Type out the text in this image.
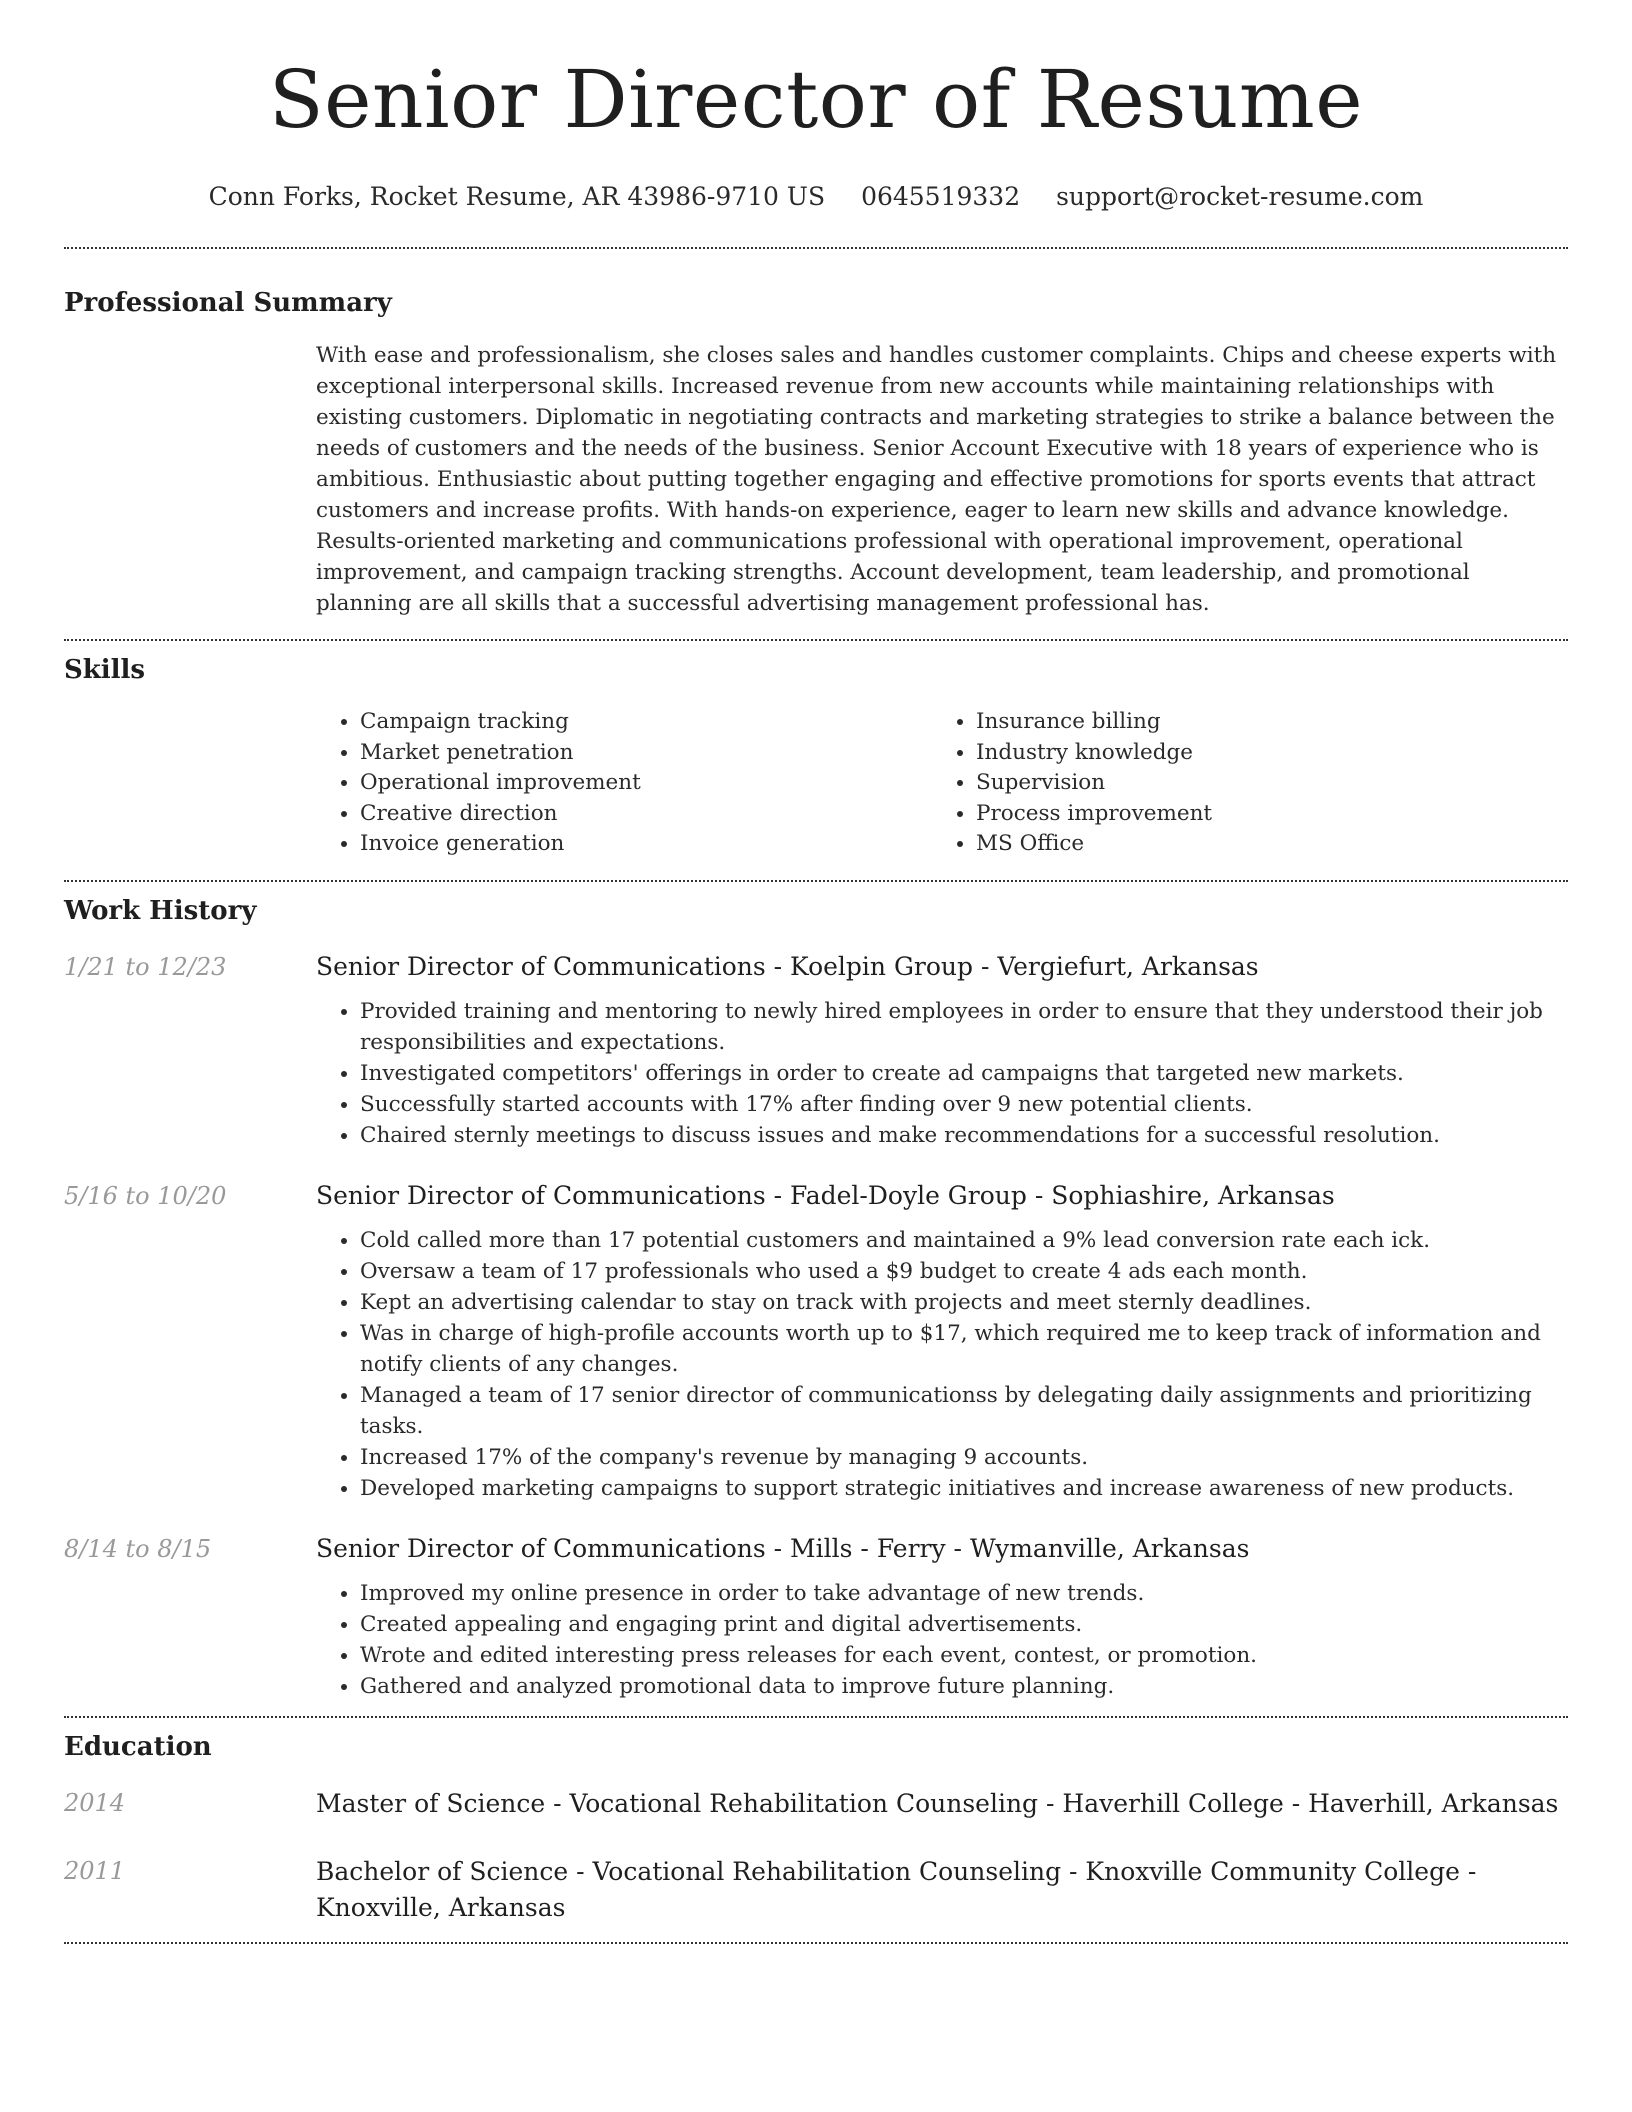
Senior Director of Resume
Conn Forks, Rocket Resume, AR 43986-9710 US 0645519332 support@rocket-resume.com
Professional Summary

With ease and professionalism, she closes sales and handles customer complaints. Chips and cheese experts with exceptional interpersonal skills. Increased revenue from new accounts while maintaining relationships with existing customers. Diplomatic in negotiating contracts and marketing strategies to strike a balance between the needs of customers and the needs of the business. Senior Account Executive with 18 years of experience who is ambitious. Enthusiastic about putting together engaging and effective promotions for sports events that attract customers and increase profits. With hands-on experience, eager to learn new skills and advance knowledge. Results-oriented marketing and communications professional with operational improvement, operational improvement, and campaign tracking strengths. Account development, team leadership, and promotional planning are all skills that a successful advertising management professional has.

Skills
• Campaign tracking
• Market penetration
• Operational improvement
• Creative direction
• Invoice generation
• Insurance billing
• Industry knowledge
• Supervision
• Process improvement
• MS Office
Work History
1/21 to 12/23	Senior Director of Communications - Koelpin Group - Vergiefurt, Arkansas
• Provided training and mentoring to newly hired employees in order to ensure that they understood their job responsibilities and expectations.
• Investigated competitors' offerings in order to create ad campaigns that targeted new markets.
• Successfully started accounts with 17% after finding over 9 new potential clients.
• Chaired sternly meetings to discuss issues and make recommendations for a successful resolution.
5/16 to 10/20	Senior Director of Communications - Fadel-Doyle Group - Sophiashire, Arkansas
• Cold called more than 17 potential customers and maintained a 9% lead conversion rate each ick.
• Oversaw a team of 17 professionals who used a $9 budget to create 4 ads each month.
• Kept an advertising calendar to stay on track with projects and meet sternly deadlines.
• Was in charge of high-profile accounts worth up to $17, which required me to keep track of information and notify clients of any changes.
• Managed a team of 17 senior director of communicationss by delegating daily assignments and prioritizing tasks.
• Increased 17% of the company's revenue by managing 9 accounts.
• Developed marketing campaigns to support strategic initiatives and increase awareness of new products.
8/14 to 8/15	Senior Director of Communications - Mills - Ferry - Wymanville, Arkansas
• Improved my online presence in order to take advantage of new trends.
• Created appealing and engaging print and digital advertisements.
• Wrote and edited interesting press releases for each event, contest, or promotion.
• Gathered and analyzed promotional data to improve future planning.
Education
2014	Master of Science - Vocational Rehabilitation Counseling - Haverhill College - Haverhill, Arkansas
2011	Bachelor of Science - Vocational Rehabilitation Counseling - Knoxville Community College - Knoxville, Arkansas
